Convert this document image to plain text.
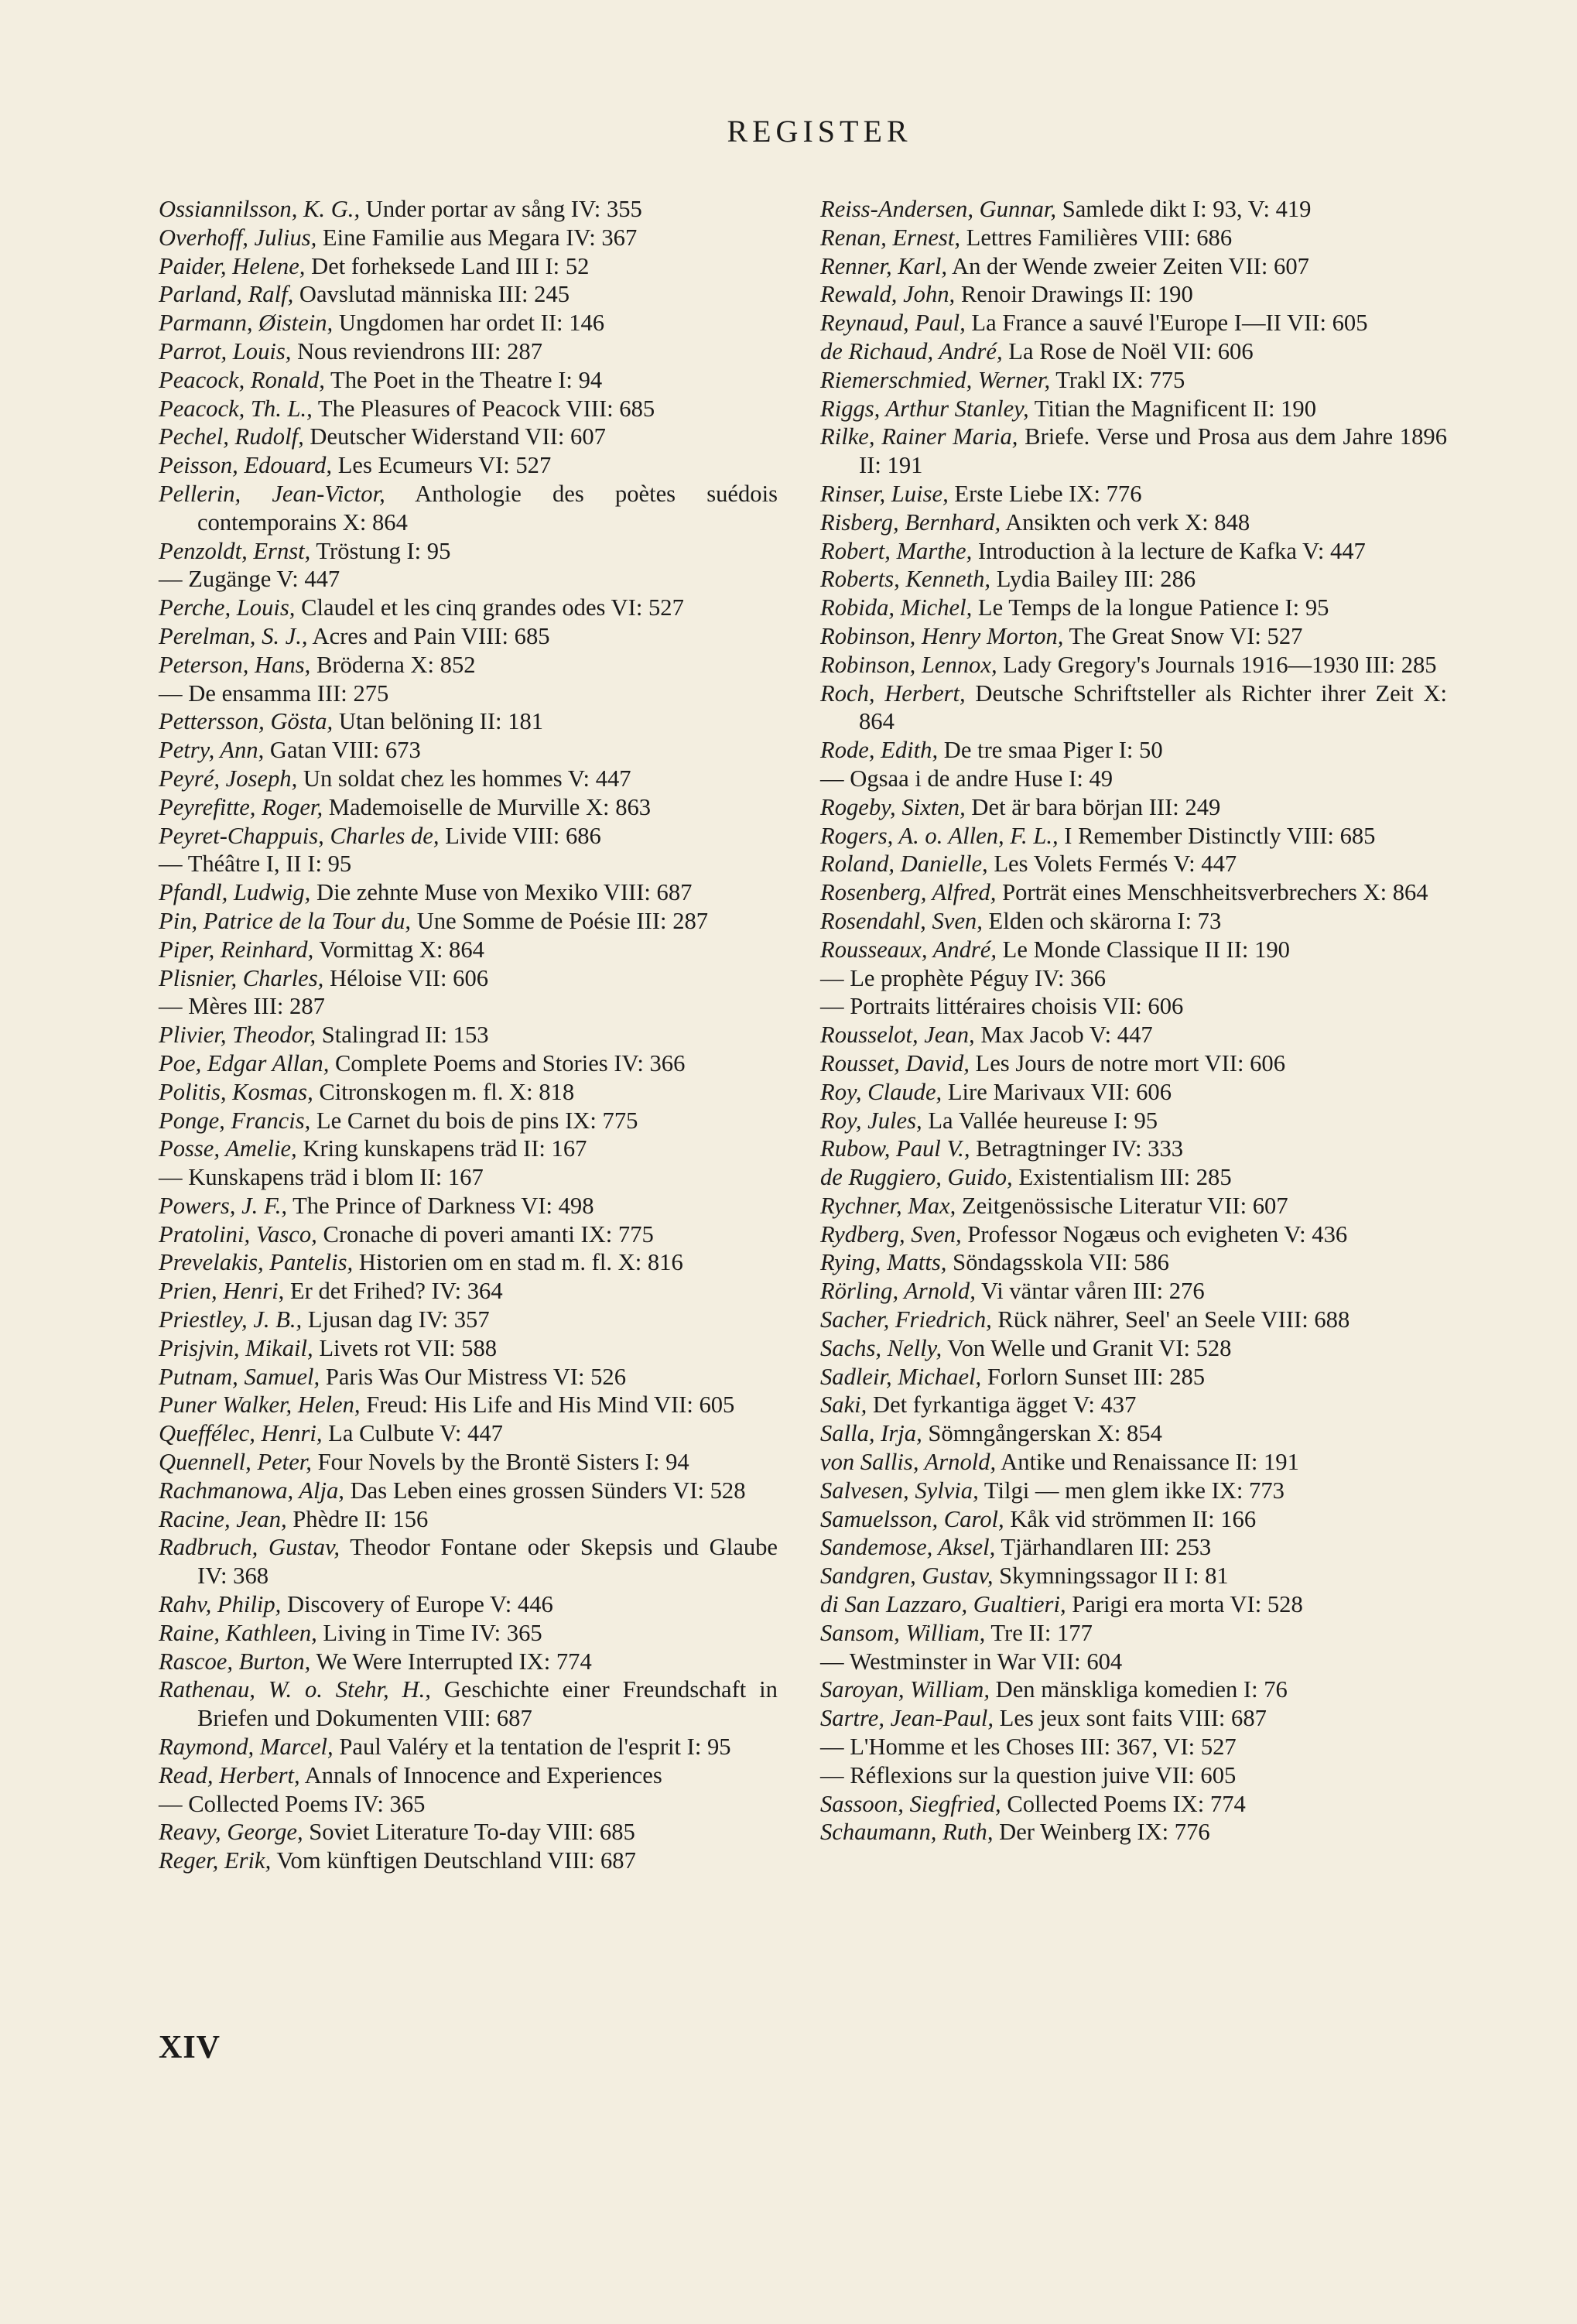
REGISTER
Ossiannilsson, K. G., Under portar av sång IV: 355
Overhoff, Julius, Eine Familie aus Megara IV: 367
Paider, Helene, Det forheksede Land III I: 52
Parland, Ralf, Oavslutad människa III: 245
Parmann, Øistein, Ungdomen har ordet II: 146
Parrot, Louis, Nous reviendrons III: 287
Peacock, Ronald, The Poet in the Theatre I: 94
Peacock, Th. L., The Pleasures of Peacock VIII: 685
Pechel, Rudolf, Deutscher Widerstand VII: 607
Peisson, Edouard, Les Ecumeurs VI: 527
Pellerin, Jean-Victor, Anthologie des poètes suédois contemporains X: 864
Penzoldt, Ernst, Tröstung I: 95
— Zugänge V: 447
Perche, Louis, Claudel et les cinq grandes odes VI: 527
Perelman, S. J., Acres and Pain VIII: 685
Peterson, Hans, Bröderna X: 852
— De ensamma III: 275
Pettersson, Gösta, Utan belöning II: 181
Petry, Ann, Gatan VIII: 673
Peyré, Joseph, Un soldat chez les hommes V: 447
Peyrefitte, Roger, Mademoiselle de Murville X: 863
Peyret-Chappuis, Charles de, Livide VIII: 686
— Théâtre I, II I: 95
Pfandl, Ludwig, Die zehnte Muse von Mexiko VIII: 687
Pin, Patrice de la Tour du, Une Somme de Poésie III: 287
Piper, Reinhard, Vormittag X: 864
Plisnier, Charles, Héloise VII: 606
— Mères III: 287
Plivier, Theodor, Stalingrad II: 153
Poe, Edgar Allan, Complete Poems and Stories IV: 366
Politis, Kosmas, Citronskogen m. fl. X: 818
Ponge, Francis, Le Carnet du bois de pins IX: 775
Posse, Amelie, Kring kunskapens träd II: 167
— Kunskapens träd i blom II: 167
Powers, J. F., The Prince of Darkness VI: 498
Pratolini, Vasco, Cronache di poveri amanti IX: 775
Prevelakis, Pantelis, Historien om en stad m. fl. X: 816
Prien, Henri, Er det Frihed? IV: 364
Priestley, J. B., Ljusan dag IV: 357
Prisjvin, Mikail, Livets rot VII: 588
Putnam, Samuel, Paris Was Our Mistress VI: 526
Puner Walker, Helen, Freud: His Life and His Mind VII: 605
Queffélec, Henri, La Culbute V: 447
Quennell, Peter, Four Novels by the Brontë Sisters I: 94
Rachmanowa, Alja, Das Leben eines grossen Sünders VI: 528
Racine, Jean, Phèdre II: 156
Radbruch, Gustav, Theodor Fontane oder Skepsis und Glaube IV: 368
Rahv, Philip, Discovery of Europe V: 446
Raine, Kathleen, Living in Time IV: 365
Rascoe, Burton, We Were Interrupted IX: 774
Rathenau, W. o. Stehr, H., Geschichte einer Freundschaft in Briefen und Dokumenten VIII: 687
Raymond, Marcel, Paul Valéry et la tentation de l'esprit I: 95
Read, Herbert, Annals of Innocence and Experiences
— Collected Poems IV: 365
Reavy, George, Soviet Literature To-day VIII: 685
Reger, Erik, Vom künftigen Deutschland VIII: 687
Reiss-Andersen, Gunnar, Samlede dikt I: 93, V: 419
Renan, Ernest, Lettres Familières VIII: 686
Renner, Karl, An der Wende zweier Zeiten VII: 607
Rewald, John, Renoir Drawings II: 190
Reynaud, Paul, La France a sauvé l'Europe I—II VII: 605
de Richaud, André, La Rose de Noël VII: 606
Riemerschmied, Werner, Trakl IX: 775
Riggs, Arthur Stanley, Titian the Magnificent II: 190
Rilke, Rainer Maria, Briefe. Verse und Prosa aus dem Jahre 1896 II: 191
Rinser, Luise, Erste Liebe IX: 776
Risberg, Bernhard, Ansikten och verk X: 848
Robert, Marthe, Introduction à la lecture de Kafka V: 447
Roberts, Kenneth, Lydia Bailey III: 286
Robida, Michel, Le Temps de la longue Patience I: 95
Robinson, Henry Morton, The Great Snow VI: 527
Robinson, Lennox, Lady Gregory's Journals 1916—1930 III: 285
Roch, Herbert, Deutsche Schriftsteller als Richter ihrer Zeit X: 864
Rode, Edith, De tre smaa Piger I: 50
— Ogsaa i de andre Huse I: 49
Rogeby, Sixten, Det är bara början III: 249
Rogers, A. o. Allen, F. L., I Remember Distinctly VIII: 685
Roland, Danielle, Les Volets Fermés V: 447
Rosenberg, Alfred, Porträt eines Menschheitsverbrechers X: 864
Rosendahl, Sven, Elden och skärorna I: 73
Rousseaux, André, Le Monde Classique II II: 190
— Le prophète Péguy IV: 366
— Portraits littéraires choisis VII: 606
Rousselot, Jean, Max Jacob V: 447
Rousset, David, Les Jours de notre mort VII: 606
Roy, Claude, Lire Marivaux VII: 606
Roy, Jules, La Vallée heureuse I: 95
Rubow, Paul V., Betragtninger IV: 333
de Ruggiero, Guido, Existentialism III: 285
Rychner, Max, Zeitgenössische Literatur VII: 607
Rydberg, Sven, Professor Nogæus och evigheten V: 436
Rying, Matts, Söndagsskola VII: 586
Rörling, Arnold, Vi väntar våren III: 276
Sacher, Friedrich, Rück nährer, Seel' an Seele VIII: 688
Sachs, Nelly, Von Welle und Granit VI: 528
Sadleir, Michael, Forlorn Sunset III: 285
Saki, Det fyrkantiga ägget V: 437
Salla, Irja, Sömngångerskan X: 854
von Sallis, Arnold, Antike und Renaissance II: 191
Salvesen, Sylvia, Tilgi — men glem ikke IX: 773
Samuelsson, Carol, Kåk vid strömmen II: 166
Sandemose, Aksel, Tjärhandlaren III: 253
Sandgren, Gustav, Skymningssagor II I: 81
di San Lazzaro, Gualtieri, Parigi era morta VI: 528
Sansom, William, Tre II: 177
— Westminster in War VII: 604
Saroyan, William, Den mänskliga komedien I: 76
Sartre, Jean-Paul, Les jeux sont faits VIII: 687
— L'Homme et les Choses III: 367, VI: 527
— Réflexions sur la question juive VII: 605
Sassoon, Siegfried, Collected Poems IX: 774
Schaumann, Ruth, Der Weinberg IX: 776
XIV
